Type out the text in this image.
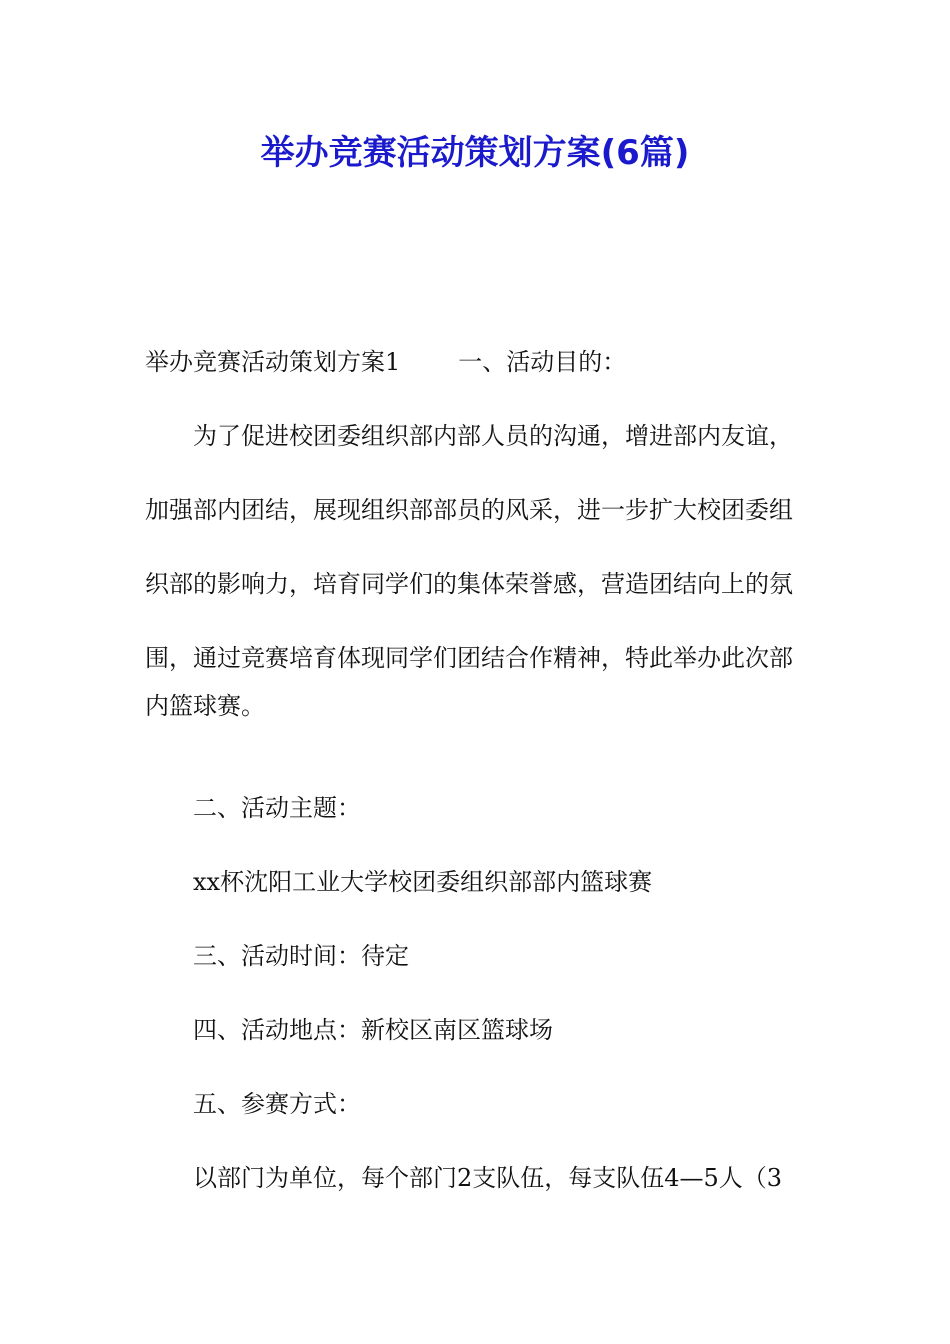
举办竞赛活动策划方案(6篇)
举办竞赛活动策划方案1 一、活动目的：
为了促进校团委组织部内部人员的沟通，增进部内友谊，
加强部内团结，展现组织部部员的风采，进一步扩大校团委组
织部的影响力，培育同学们的集体荣誉感，营造团结向上的氛
围，通过竞赛培育体现同学们团结合作精神，特此举办此次部
内篮球赛。
二、活动主题：
xx杯沈阳工业大学校团委组织部部内篮球赛
三、活动时间：待定
四、活动地点：新校区南区篮球场
五、参赛方式：
以部门为单位，每个部门2支队伍，每支队伍4—5人（3
